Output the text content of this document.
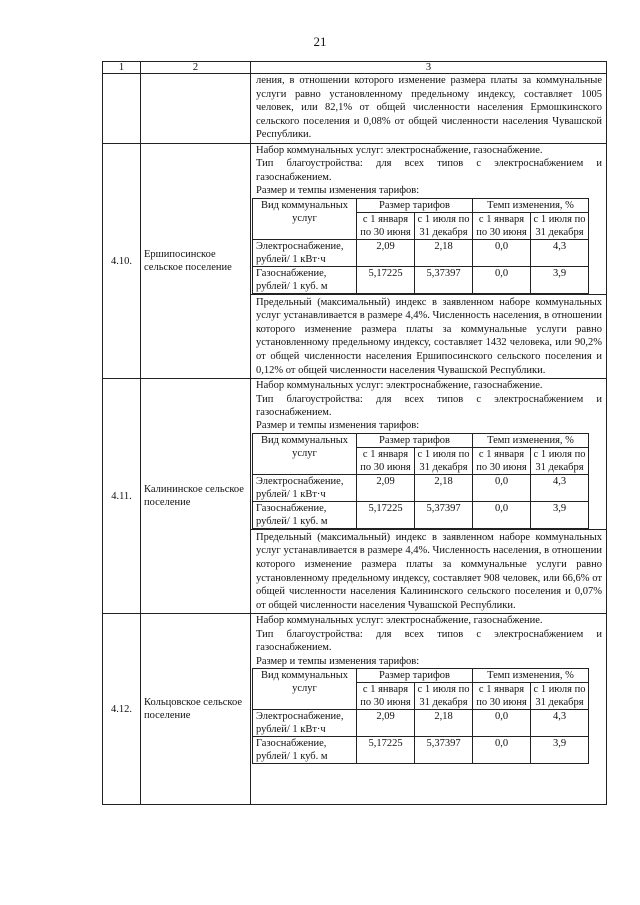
21
1	2	3

ления, в отношении которого изменение размера платы за коммунальные услуги равно установленному предельному индексу, составляет 1005 человек, или 82,1% от общей численности населения Ермошкинского сельского поселения и 0,08% от общей численности населения Чувашской Республики.

4.10.	Ершипосинское сельское поселение	
Набор коммунальных услуг: электроснабжение, газоснабжение.
Тип благоустройства: для всех типов с электроснабжением и газоснабжением.
Размер и темпы изменения тарифов:
Вид коммунальных услуг	Размер тарифов	Темп изменения, %
с 1 января по 30 июня	с 1 июля по 31 декабря	с 1 января по 30 июня	с 1 июля по 31 декабря
Электроснабжение, рублей/ 1 кВт·ч	2,09	2,18	0,0	4,3
Газоснабжение, рублей/ 1 куб. м	5,17225	5,37397	0,0	3,9
Предельный (максимальный) индекс в заявленном наборе коммунальных услуг устанавливается в размере 4,4%. Численность населения, в отношении которого изменение размера платы за коммунальные услуги равно установленному предельному индексу, составляет 1432 человека, или 90,2% от общей численности населения Ершипосинского сельского поселения и 0,12% от общей численности населения Чувашской Республики.

4.11.	Калининское сельское поселение	
Набор коммунальных услуг: электроснабжение, газоснабжение.
Тип благоустройства: для всех типов с электроснабжением и газоснабжением.
Размер и темпы изменения тарифов:
Вид коммунальных услуг	Размер тарифов	Темп изменения, %
с 1 января по 30 июня	с 1 июля по 31 декабря	с 1 января по 30 июня	с 1 июля по 31 декабря
Электроснабжение, рублей/ 1 кВт·ч	2,09	2,18	0,0	4,3
Газоснабжение, рублей/ 1 куб. м	5,17225	5,37397	0,0	3,9
Предельный (максимальный) индекс в заявленном наборе коммунальных услуг устанавливается в размере 4,4%. Численность населения, в отношении которого изменение размера платы за коммунальные услуги равно установленному предельному индексу, составляет 908 человек, или 66,6% от общей численности населения Калининского сельского поселения и 0,07% от общей численности населения Чувашской Республики.

4.12.	Кольцовское сельское поселение	
Набор коммунальных услуг: электроснабжение, газоснабжение.
Тип благоустройства: для всех типов с электроснабжением и газоснабжением.
Размер и темпы изменения тарифов:
Вид коммунальных услуг	Размер тарифов	Темп изменения, %
с 1 января по 30 июня	с 1 июля по 31 декабря	с 1 января по 30 июня	с 1 июля по 31 декабря
Электроснабжение, рублей/ 1 кВт·ч	2,09	2,18	0,0	4,3
Газоснабжение, рублей/ 1 куб. м	5,17225	5,37397	0,0	3,9
